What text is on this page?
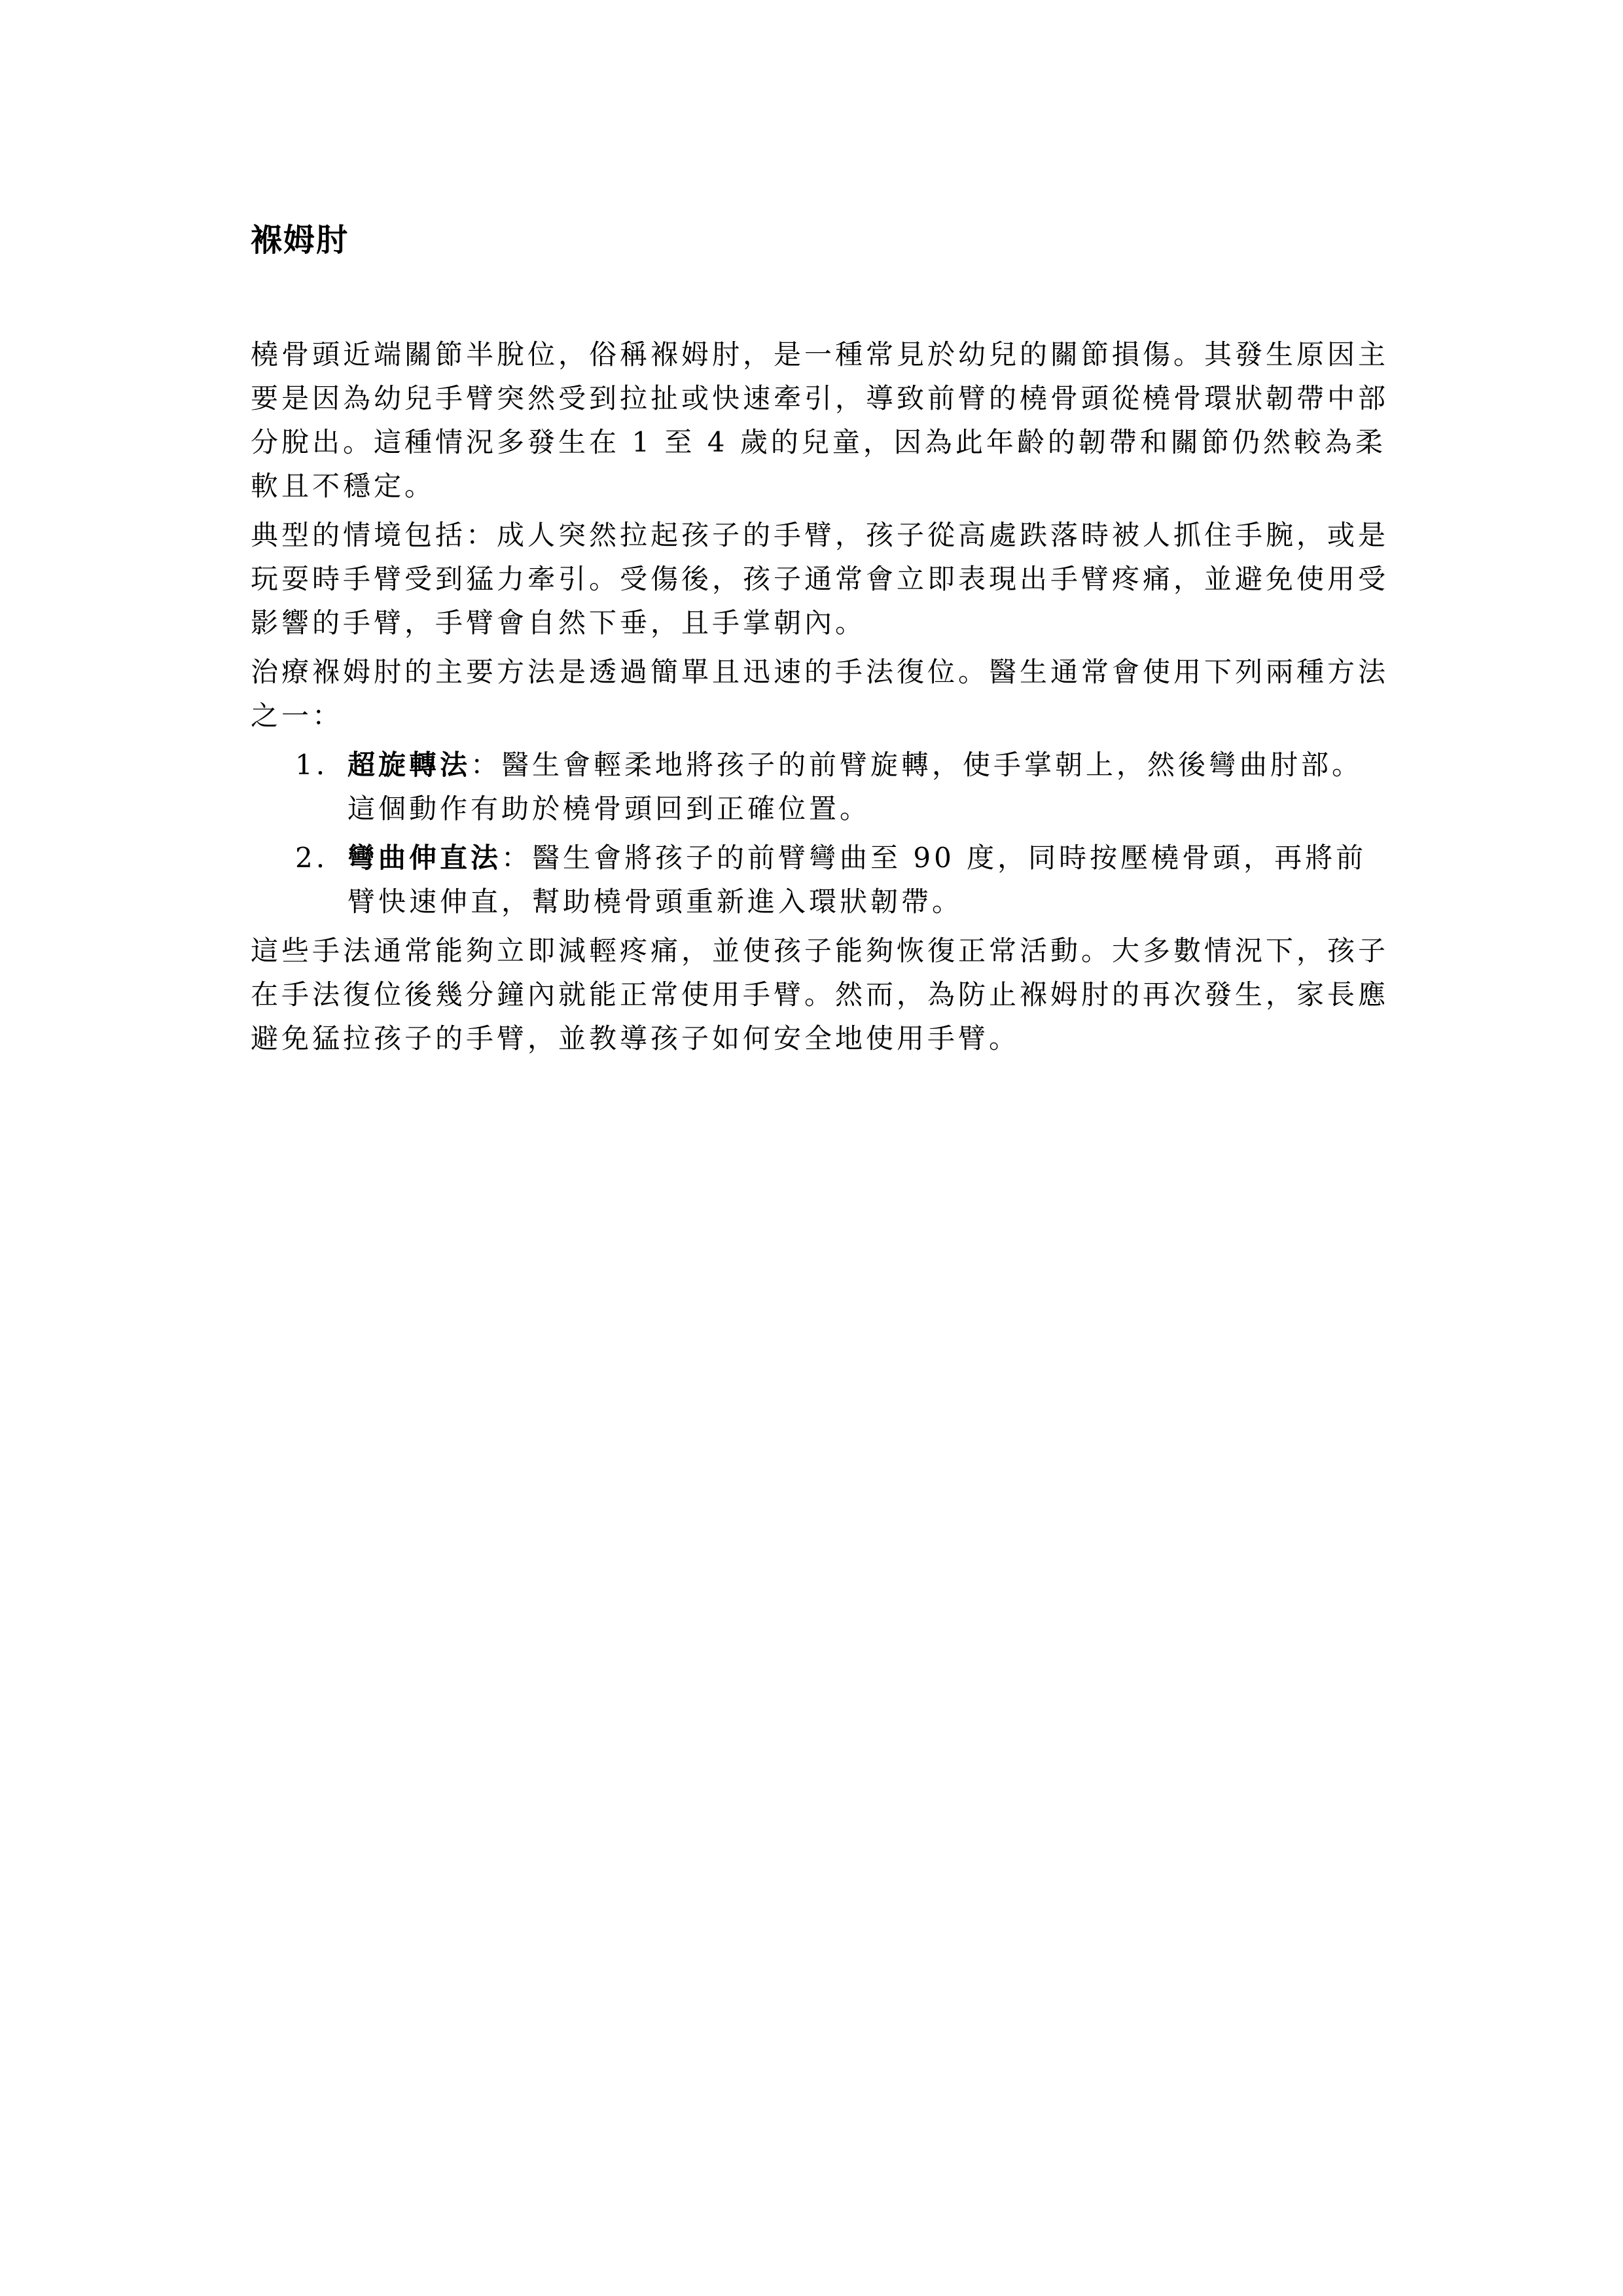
褓姆肘

橈骨頭近端關節半脫位，俗稱褓姆肘，是一種常見於幼兒的關節損傷。其發生原因主要是因為幼兒手臂突然受到拉扯或快速牽引，導致前臂的橈骨頭從橈骨環狀韌帶中部分脫出。這種情況多發生在 1 至 4 歲的兒童，因為此年齡的韌帶和關節仍然較為柔軟且不穩定。

典型的情境包括：成人突然拉起孩子的手臂，孩子從高處跌落時被人抓住手腕，或是玩耍時手臂受到猛力牽引。受傷後，孩子通常會立即表現出手臂疼痛，並避免使用受影響的手臂，手臂會自然下垂，且手掌朝內。

治療褓姆肘的主要方法是透過簡單且迅速的手法復位。醫生通常會使用下列兩種方法之一：

1. 超旋轉法：醫生會輕柔地將孩子的前臂旋轉，使手掌朝上，然後彎曲肘部。這個動作有助於橈骨頭回到正確位置。
2. 彎曲伸直法：醫生會將孩子的前臂彎曲至 90 度，同時按壓橈骨頭，再將前臂快速伸直，幫助橈骨頭重新進入環狀韌帶。

這些手法通常能夠立即減輕疼痛，並使孩子能夠恢復正常活動。大多數情況下，孩子在手法復位後幾分鐘內就能正常使用手臂。然而，為防止褓姆肘的再次發生，家長應避免猛拉孩子的手臂，並教導孩子如何安全地使用手臂。
